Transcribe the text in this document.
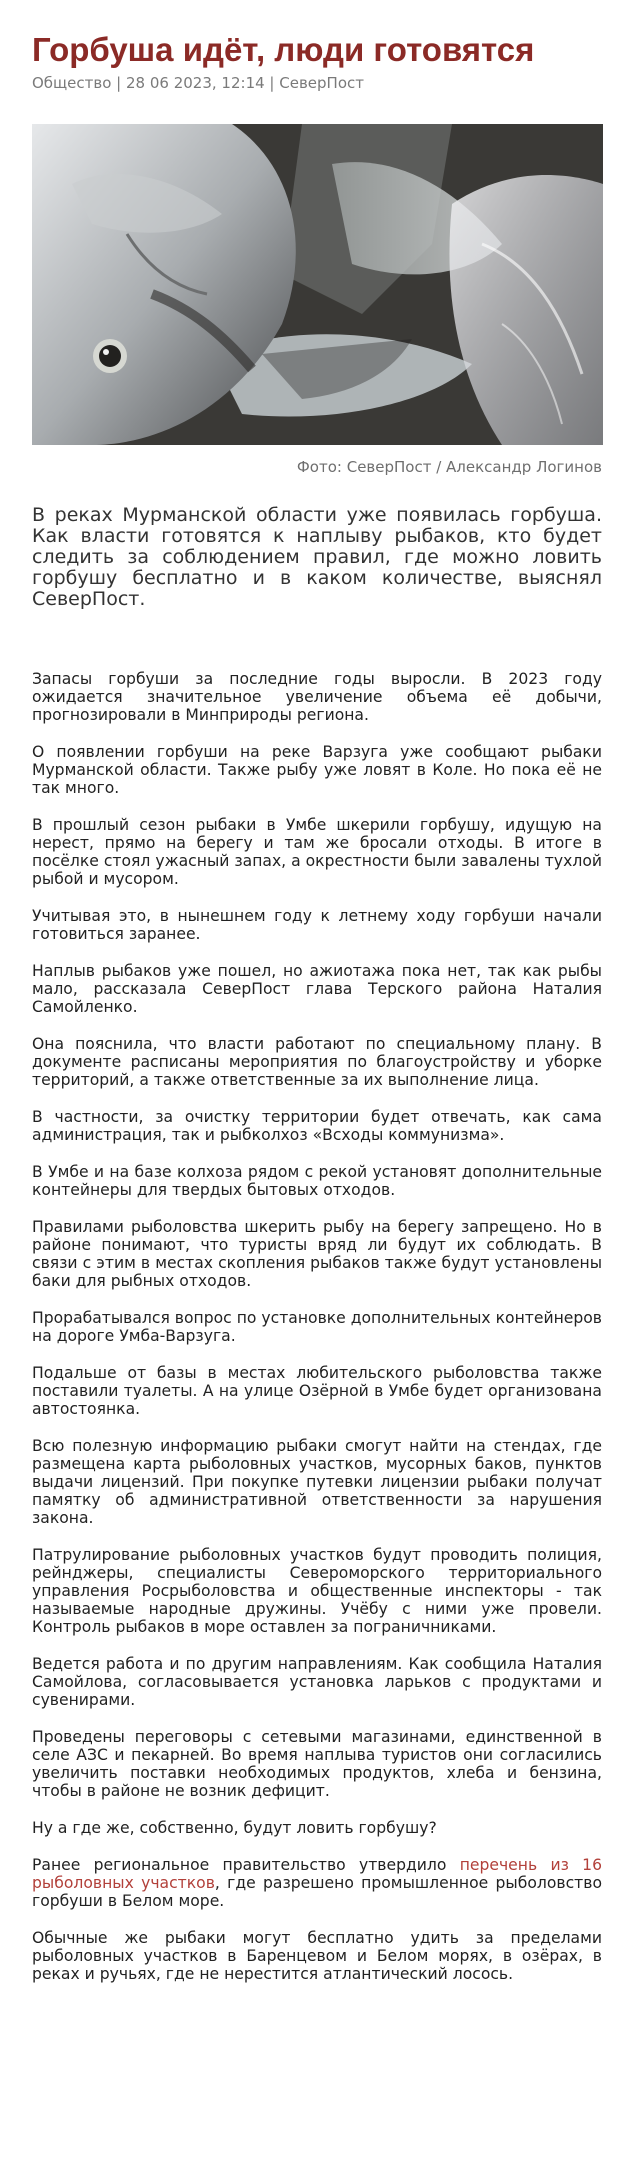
Горбуша идёт, люди готовятся
Общество | 28 06 2023, 12:14 | СеверПост
Фото: СеверПост / Александр Логинов
В реках Мурманской области уже появилась горбуша. Как власти готовятся к наплыву рыбаков, кто будет следить за соблюдением правил, где можно ловить горбушу бесплатно и в каком количестве, выяснял СеверПост.

Запасы горбуши за последние годы выросли. В 2023 году ожидается значительное увеличение объема её добычи, прогнозировали в Минприроды региона.

О появлении горбуши на реке Варзуга уже сообщают рыбаки Мурманской области. Также рыбу уже ловят в Коле. Но пока её не так много.

В прошлый сезон рыбаки в Умбе шкерили горбушу, идущую на нерест, прямо на берегу и там же бросали отходы. В итоге в посёлке стоял ужасный запах, а окрестности были завалены тухлой рыбой и мусором.

Учитывая это, в нынешнем году к летнему ходу горбуши начали готовиться заранее.

Наплыв рыбаков уже пошел, но ажиотажа пока нет, так как рыбы мало, рассказала СеверПост глава Терского района Наталия Самойленко.

Она пояснила, что власти работают по специальному плану. В документе расписаны мероприятия по благоустройству и уборке территорий, а также ответственные за их выполнение лица.

В частности, за очистку территории будет отвечать, как сама администрация, так и рыбколхоз «Всходы коммунизма».

В Умбе и на базе колхоза рядом с рекой установят дополнительные контейнеры для твердых бытовых отходов.

Правилами рыболовства шкерить рыбу на берегу запрещено. Но в районе понимают, что туристы вряд ли будут их соблюдать. В связи с этим в местах скопления рыбаков также будут установлены баки для рыбных отходов.

Прорабатывался вопрос по установке дополнительных контейнеров на дороге Умба-Варзуга.

Подальше от базы в местах любительского рыболовства также поставили туалеты. А на улице Озёрной в Умбе будет организована автостоянка.

Всю полезную информацию рыбаки смогут найти на стендах, где размещена карта рыболовных участков, мусорных баков, пунктов выдачи лицензий. При покупке путевки лицензии рыбаки получат памятку об административной ответственности за нарушения закона.

Патрулирование рыболовных участков будут проводить полиция, рейнджеры, специалисты Североморского территориального управления Росрыболовства и общественные инспекторы - так называемые народные дружины. Учёбу с ними уже провели. Контроль рыбаков в море оставлен за пограничниками.

Ведется работа и по другим направлениям. Как сообщила Наталия Самойлова, согласовывается установка ларьков с продуктами и сувенирами.

Проведены переговоры с сетевыми магазинами, единственной в селе АЗС и пекарней. Во время наплыва туристов они согласились увеличить поставки необходимых продуктов, хлеба и бензина, чтобы в районе не возник дефицит.

Ну а где же, собственно, будут ловить горбушу?

Ранее региональное правительство утвердило перечень из 16 рыболовных участков, где разрешено промышленное рыболовство горбуши в Белом море.

Обычные же рыбаки могут бесплатно удить за пределами рыболовных участков в Баренцевом и Белом морях, в озёрах, в реках и ручьях, где не нерестится атлантический лосось.
